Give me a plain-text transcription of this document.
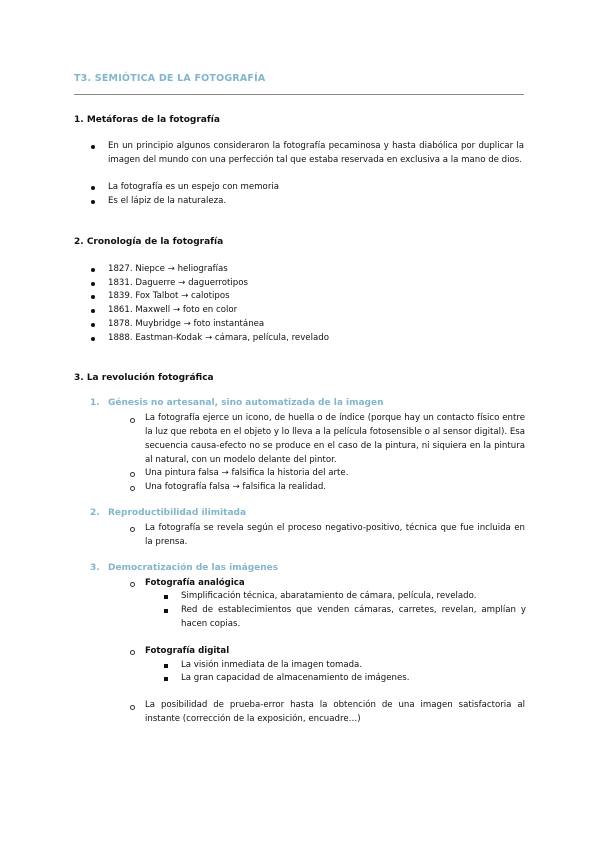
T3. SEMIÓTICA DE LA FOTOGRAFÍA
1. Metáforas de la fotografía
En un principio algunos consideraron la fotografía pecaminosa y hasta diabólica por duplicar la imagen del mundo con una perfección tal que estaba reservada en exclusiva a la mano de dios.
La fotografía es un espejo con memoria
Es el lápiz de la naturaleza.
2. Cronología de la fotografía
1827. Niepce → heliografías
1831. Daguerre → daguerrotipos
1839. Fox Talbot → calotipos
1861. Maxwell → foto en color
1878. Muybridge → foto instantánea
1888. Eastman-Kodak → cámara, película, revelado
3. La revolución fotográfica
1. Génesis no artesanal, sino automatizada de la imagen
La fotografía ejerce un icono, de huella o de índice (porque hay un contacto físico entre la luz que rebota en el objeto y lo lleva a la película fotosensible o al sensor digital). Esa secuencia causa-efecto no se produce en el caso de la pintura, ni siquiera en la pintura al natural, con un modelo delante del pintor.
Una pintura falsa → falsifica la historia del arte.
Una fotografía falsa → falsifica la realidad.
2. Reproductibilidad ilimitada
La fotografía se revela según el proceso negativo-positivo, técnica que fue incluida en la prensa.
3. Democratización de las imágenes
Fotografía analógica
Simplificación técnica, abaratamiento de cámara, película, revelado.
Red de establecimientos que venden cámaras, carretes, revelan, amplían y hacen copias.
Fotografía digital
La visión inmediata de la imagen tomada.
La gran capacidad de almacenamiento de imágenes.
La posibilidad de prueba-error hasta la obtención de una imagen satisfactoria al instante (corrección de la exposición, encuadre…)
